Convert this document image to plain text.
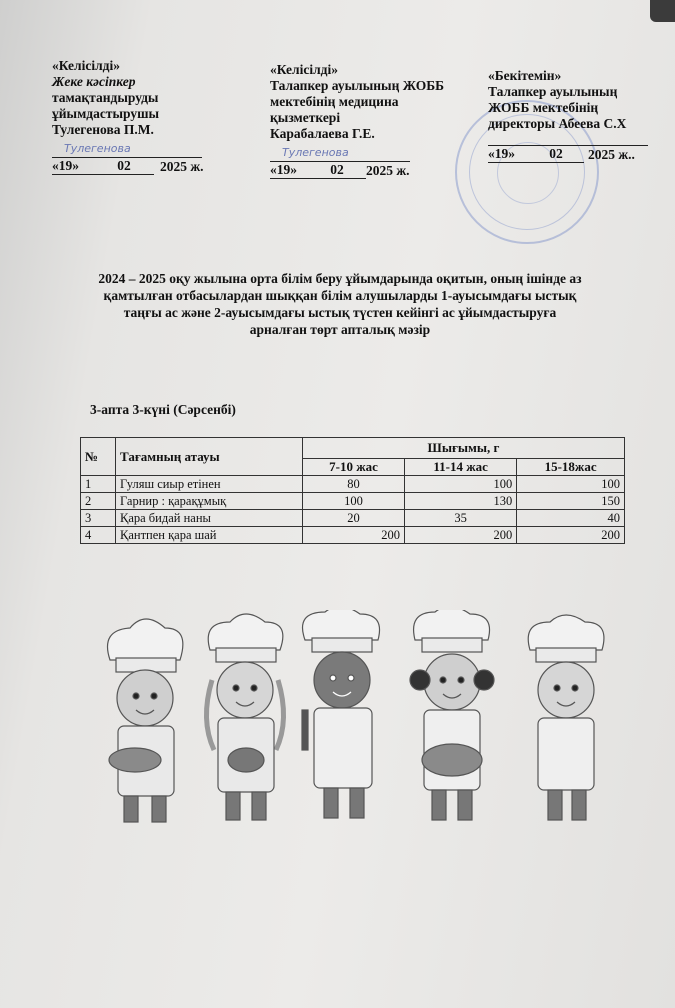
«Келісілді»
Жеке кәсіпкер
тамақтандыруды
ұйымдастырушы
Тулегенова П.М.
Тулегенова
«19»	02	2025 ж.
«Келісілді»
Талапкер ауылының ЖОББ
мектебінің медицина
қызметкері
Карабалаева Г.Е.
Тулегенова
«19»	02	2025 ж.
«Бекітемін»
Талапкер ауылының
ЖОББ мектебінің
директоры Абеева С.Х
«19»	02	2025 ж..
2024 – 2025 оқу жылына орта білім беру ұйымдарында оқитын, оның ішінде аз
қамтылған отбасылардан шыққан білім алушыларды 1-ауысымдағы ыстық
таңғы ас және 2-ауысымдағы ыстық түстен кейінгі ас ұйымдастыруға
арналған төрт апталық мәзір
3-апта 3-күні (Сәрсенбі)
№	Тағамның атауы	Шығымы, г		
		7-10 жас	11-14 жас	15-18жас
1	Гуляш сиыр етінен	80	100	100
2	Гарнир : қарақұмық	100	130	150
3	Қара бидай наны	20	35	40
4	Қантпен қара шай	200	200	200
